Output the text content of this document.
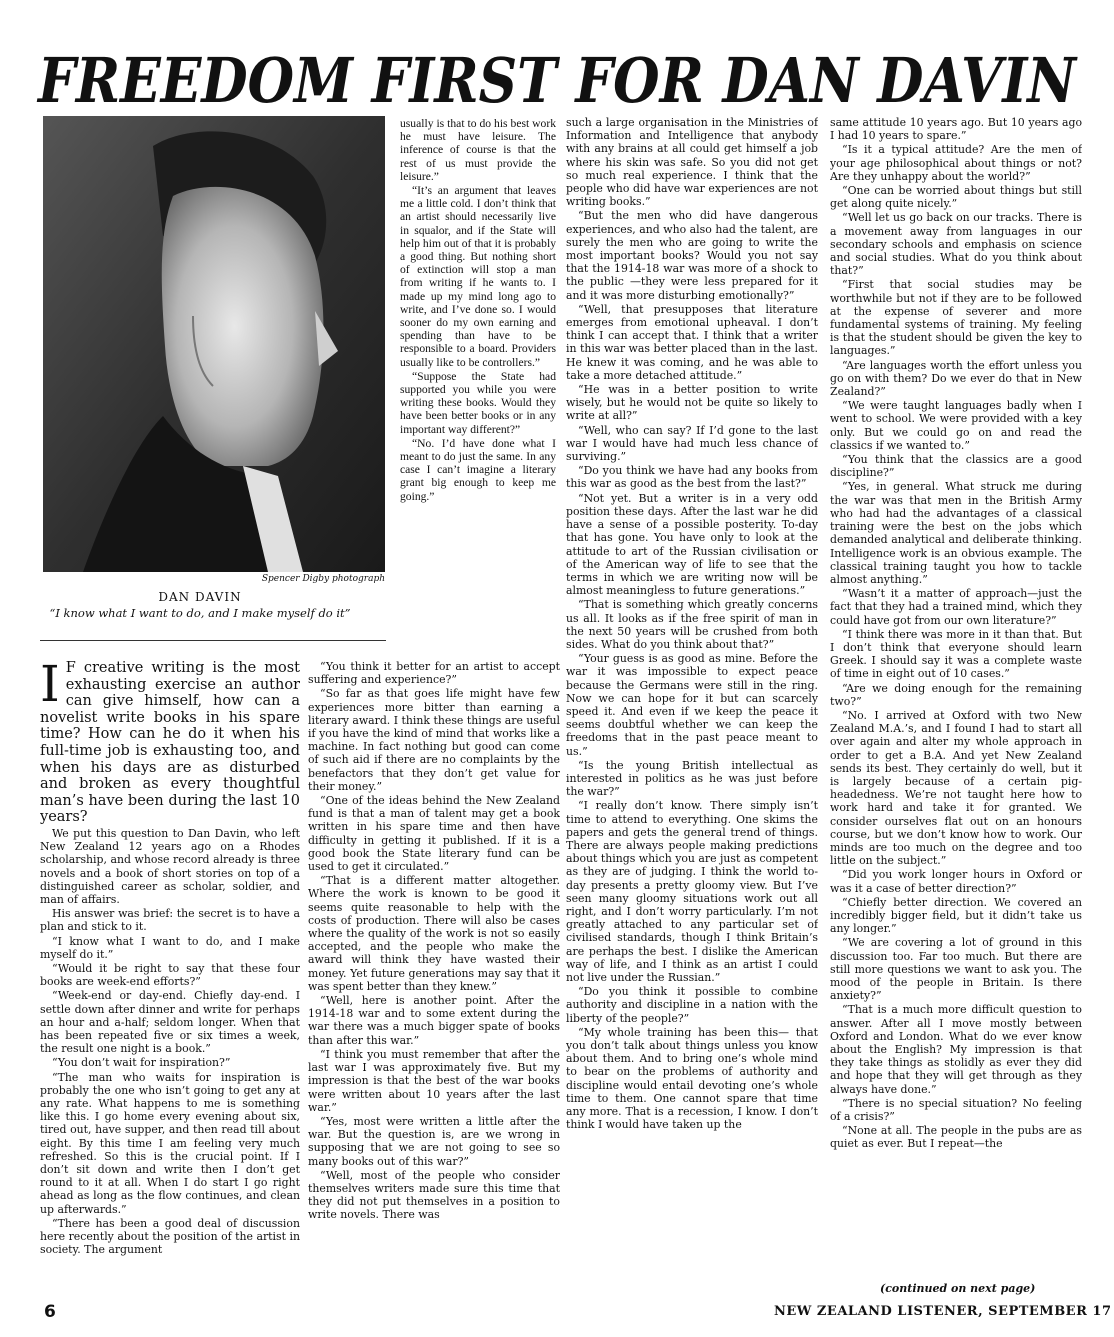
FREEDOM FIRST FOR DAN DAVIN
Spencer Digby photograph
DAN DAVIN
“I know what I want to do, and I make myself do it”

I F creative writing is the most exhausting exercise an author can give himself, how can a novelist write books in his spare time? How can he do it when his full-time job is exhausting too, and when his days are as disturbed and broken as every thoughtful man’s have been during the last 10 years?

We put this question to Dan Davin, who left New Zealand 12 years ago on a Rhodes scholarship, and whose record already is three novels and a book of short stories on top of a distinguished career as scholar, soldier, and man of affairs.

His answer was brief: the secret is to have a plan and stick to it.

“I know what I want to do, and I make myself do it.”

“Would it be right to say that these four books are week-end efforts?”

“Week-end or day-end. Chiefly day-end. I settle down after dinner and write for perhaps an hour and a-half; seldom longer. When that has been repeated five or six times a week, the result one night is a book.”

“You don’t wait for inspiration?”

“The man who waits for inspiration is probably the one who isn’t going to get any at any rate. What happens to me is something like this. I go home every evening about six, tired out, have supper, and then read till about eight. By this time I am feeling very much refreshed. So this is the crucial point. If I don’t sit down and write then I don’t get round to it at all. When I do start I go right ahead as long as the flow continues, and clean up afterwards.”

“There has been a good deal of discussion here recently about the position of the artist in society. The argument

usually is that to do his best work he must have leisure. The inference of course is that the rest of us must provide the leisure.”

“It’s an argument that leaves me a little cold. I don’t think that an artist should necessarily live in squalor, and if the State will help him out of that it is probably a good thing. But nothing short of extinction will stop a man from writing if he wants to. I made up my mind long ago to write, and I’ve done so. I would sooner do my own earning and spending than have to be responsible to a board. Providers usually like to be controllers.”

“Suppose the State had supported you while you were writing these books. Would they have been better books or in any important way different?”

“No. I’d have done what I meant to do just the same. In any case I can’t imagine a literary grant big enough to keep me going.”

“You think it better for an artist to accept suffering and experience?”

“So far as that goes life might have few experiences more bitter than earning a literary award. I think these things are useful if you have the kind of mind that works like a machine. In fact nothing but good can come of such aid if there are no complaints by the benefactors that they don’t get value for their money.”

“One of the ideas behind the New Zealand fund is that a man of talent may get a book written in his spare time and then have difficulty in getting it published. If it is a good book the State literary fund can be used to get it circulated.”

“That is a different matter altogether. Where the work is known to be good it seems quite reasonable to help with the costs of production. There will also be cases where the quality of the work is not so easily accepted, and the people who make the award will think they have wasted their money. Yet future generations may say that it was spent better than they knew.”

“Well, here is another point. After the 1914-18 war and to some extent during the war there was a much bigger spate of books than after this war.”

“I think you must remember that after the last war I was approximately five. But my impression is that the best of the war books were written about 10 years after the last war.”

“Yes, most were written a little after the war. But the question is, are we wrong in supposing that we are not going to see so many books out of this war?”

“Well, most of the people who consider themselves writers made sure this time that they did not put themselves in a position to write novels. There was

such a large organisation in the Ministries of Information and Intelligence that anybody with any brains at all could get himself a job where his skin was safe. So you did not get so much real experience. I think that the people who did have war experiences are not writing books.”

“But the men who did have dangerous experiences, and who also had the talent, are surely the men who are going to write the most important books? Would you not say that the 1914-18 war was more of a shock to the public —they were less prepared for it and it was more disturbing emotionally?”

“Well, that presupposes that literature emerges from emotional upheaval. I don’t think I can accept that. I think that a writer in this war was better placed than in the last. He knew it was coming, and he was able to take a more detached attitude.”

“He was in a better position to write wisely, but he would not be quite so likely to write at all?”

“Well, who can say? If I’d gone to the last war I would have had much less chance of surviving.”

“Do you think we have had any books from this war as good as the best from the last?”

“Not yet. But a writer is in a very odd position these days. After the last war he did have a sense of a possible posterity. To-day that has gone. You have only to look at the attitude to art of the Russian civilisation or of the American way of life to see that the terms in which we are writing now will be almost meaningless to future generations.”

“That is something which greatly concerns us all. It looks as if the free spirit of man in the next 50 years will be crushed from both sides. What do you think about that?”

“Your guess is as good as mine. Before the war it was impossible to expect peace because the Germans were still in the ring. Now we can hope for it but can scarcely speed it. And even if we keep the peace it seems doubtful whether we can keep the freedoms that in the past peace meant to us.”

“Is the young British intellectual as interested in politics as he was just before the war?”

“I really don’t know. There simply isn’t time to attend to everything. One skims the papers and gets the general trend of things. There are always people making predictions about things which you are just as competent as they are of judging. I think the world to-day presents a pretty gloomy view. But I’ve seen many gloomy situations work out all right, and I don’t worry particularly. I’m not greatly attached to any particular set of civilised standards, though I think Britain’s are perhaps the best. I dislike the American way of life, and I think as an artist I could not live under the Russian.”

“Do you think it possible to combine authority and discipline in a nation with the liberty of the people?”

“My whole training has been this— that you don’t talk about things unless you know about them. And to bring one’s whole mind to bear on the problems of authority and discipline would entail devoting one’s whole time to them. One cannot spare that time any more. That is a recession, I know. I don’t think I would have taken up the

same attitude 10 years ago. But 10 years ago I had 10 years to spare.”

“Is it a typical attitude? Are the men of your age philosophical about things or not? Are they unhappy about the world?”

“One can be worried about things but still get along quite nicely.”

“Well let us go back on our tracks. There is a movement away from languages in our secondary schools and emphasis on science and social studies. What do you think about that?”

“First that social studies may be worthwhile but not if they are to be followed at the expense of severer and more fundamental systems of training. My feeling is that the student should be given the key to languages.”

“Are languages worth the effort unless you go on with them? Do we ever do that in New Zealand?”

“We were taught languages badly when I went to school. We were provided with a key only. But we could go on and read the classics if we wanted to.”

“You think that the classics are a good discipline?”

“Yes, in general. What struck me during the war was that men in the British Army who had had the advantages of a classical training were the best on the jobs which demanded analytical and deliberate thinking. Intelligence work is an obvious example. The classical training taught you how to tackle almost anything.”

“Wasn’t it a matter of approach—just the fact that they had a trained mind, which they could have got from our own literature?”

“I think there was more in it than that. But I don’t think that everyone should learn Greek. I should say it was a complete waste of time in eight out of 10 cases.”

“Are we doing enough for the remaining two?”

“No. I arrived at Oxford with two New Zealand M.A.’s, and I found I had to start all over again and alter my whole approach in order to get a B.A. And yet New Zealand sends its best. They certainly do well, but it is largely because of a certain pig-headedness. We’re not taught here how to work hard and take it for granted. We consider ourselves flat out on an honours course, but we don’t know how to work. Our minds are too much on the degree and too little on the subject.”

“Did you work longer hours in Oxford or was it a case of better direction?”

“Chiefly better direction. We covered an incredibly bigger field, but it didn’t take us any longer.”

“We are covering a lot of ground in this discussion too. Far too much. But there are still more questions we want to ask you. The mood of the people in Britain. Is there anxiety?”

“That is a much more difficult question to answer. After all I move mostly between Oxford and London. What do we ever know about the English? My impression is that they take things as stolidly as ever they did and hope that they will get through as they always have done.”

“There is no special situation? No feeling of a crisis?”

“None at all. The people in the pubs are as quiet as ever. But I repeat—the

(continued on next page)
6	NEW ZEALAND LISTENER, SEPTEMBER 17
